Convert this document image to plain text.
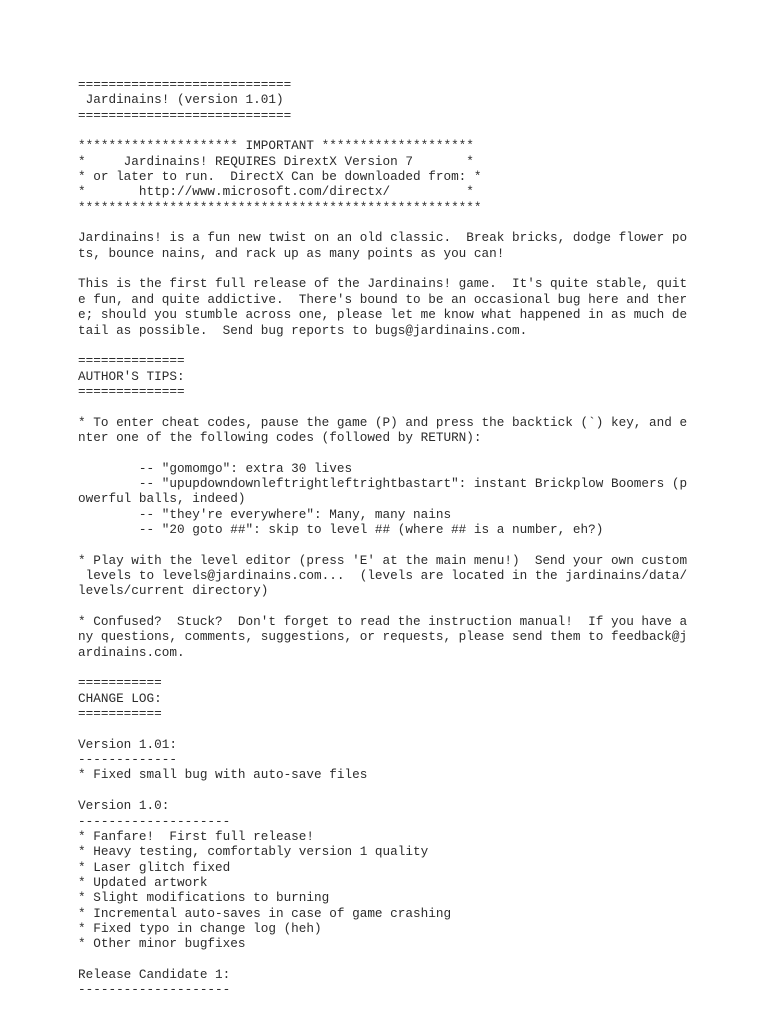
============================
Jardinains! (version 1.01)
============================
********************* IMPORTANT ********************
*     Jardinains! REQUIRES DirextX Version 7       *
* or later to run.  DirectX Can be downloaded from: *
*       http://www.microsoft.com/directx/          *
*****************************************************
Jardinains! is a fun new twist on an old classic.  Break bricks, dodge flower po
ts, bounce nains, and rack up as many points as you can!
This is the first full release of the Jardinains! game.  It's quite stable, quit
e fun, and quite addictive.  There's bound to be an occasional bug here and ther
e; should you stumble across one, please let me know what happened in as much de
tail as possible.  Send bug reports to bugs@jardinains.com.
==============
AUTHOR'S TIPS:
==============
* To enter cheat codes, pause the game (P) and press the backtick (`) key, and e
nter one of the following codes (followed by RETURN):
-- "gomomgo": extra 30 lives
-- "upupdowndownleftrightleftrightbastart": instant Brickplow Boomers (p
owerful balls, indeed)
-- "they're everywhere": Many, many nains
-- "20 goto ##": skip to level ## (where ## is a number, eh?)
* Play with the level editor (press 'E' at the main menu!)  Send your own custom
levels to levels@jardinains.com...  (levels are located in the jardinains/data/
levels/current directory)
* Confused?  Stuck?  Don't forget to read the instruction manual!  If you have a
ny questions, comments, suggestions, or requests, please send them to feedback@j
ardinains.com.
===========
CHANGE LOG:
===========
Version 1.01:
-------------
* Fixed small bug with auto-save files
Version 1.0:
--------------------
* Fanfare!  First full release!
* Heavy testing, comfortably version 1 quality
* Laser glitch fixed
* Updated artwork
* Slight modifications to burning
* Incremental auto-saves in case of game crashing
* Fixed typo in change log (heh)
* Other minor bugfixes
Release Candidate 1:
--------------------
